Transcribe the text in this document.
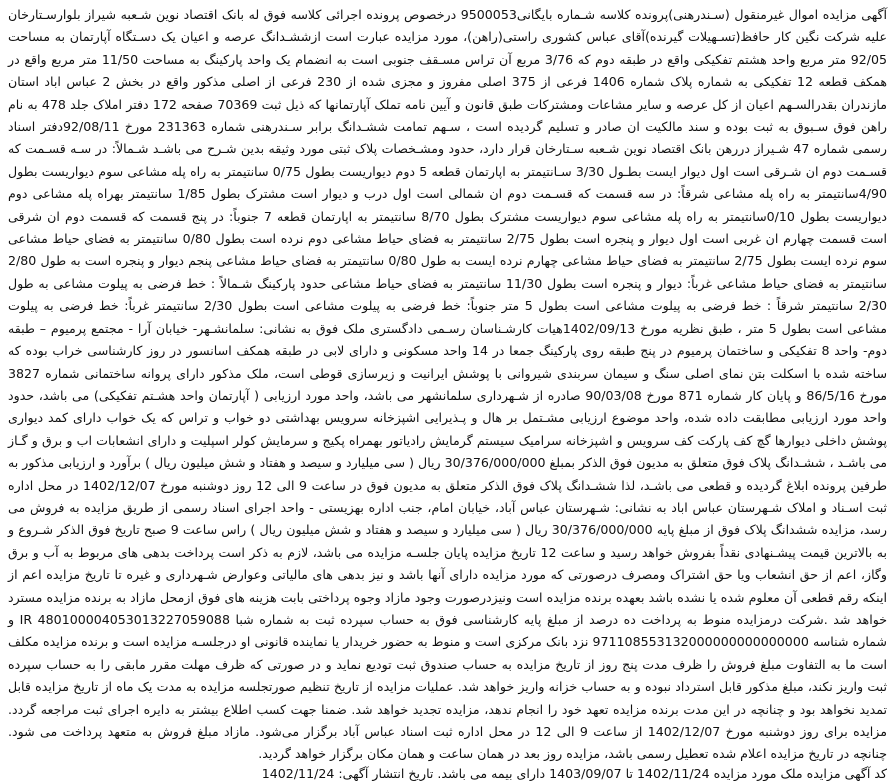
آگهی مزایده اموال غیرمنقول (سـندرهنی)پرونده کلاسه شـماره بایگانی9500053 درخصوص پرونده اجرائی کلاسه فوق له بانک اقتصاد نوین شـعبه شیراز بلوارسـتارخان علیه شرکت نگین کار حافظ(تسـهیلات گیرنده)آقای عباس کشوری راستی(راهن)، مورد مزایده عبارت است ازششـدانگ عرصه و اعیان یک دسـتگاه آپارتمان به مساحت 92/05 متر مربع واحد هشتم تفکیکی واقع در طبقه دوم که 3/76 مربع آن تراس مسـقف جنوبی است به انضمام یک واحد پارکینگ به مساحت 11/50 متر مربع واقع در همکف قطعه 12 تفکیکی به شماره پلاک شماره 1406 فرعی از 375 اصلی مفروز و مجزی شده از 230 فرعی از اصلی مذکور واقع در بخش 2 عباس اباد استان مازندران بقدرالسـهم اعیان از کل عرصه و سایر مشاعات ومشترکات طبق قانون و آیین نامه تملک آپارتمانها که ذیل ثبت 70369 صفحه 172 دفتر املاک جلد 478 به نام راهن فوق سـبوق به ثبت بوده و سند مالکیت ان صادر و تسلیم گردیده است ، سـهم تمامت ششـدانگ برابر سـندرهنی شماره 231363 مورخ 92/08/11دفتر اسناد رسمی شماره 47 شـیراز دررهن بانک اقتصاد نوین شـعبه سـتارخان قرار دارد، حدود ومشـخصات پلاک ثبتی مورد وثیقه بدین شـرح می باشـد شـمالاً: در سـه قسـمت که قسـمت دوم ان شـرقی است اول دیوار ایست بطـول 3/30 سـانتیمتر به اپارتمان قطعه 5 دوم دیواریست بطول 0/75 سانتیمتر به راه پله مشاعی سوم دیواریست بطول 4/90سانتیمتر به راه پله مشاعی شرقاً: در سه قسمت که قسـمت دوم ان شمالی است اول درب و دیوار است مشترک بطول 1/85 سانتیمتر بهراه پله مشاعی دوم دیواریست بطول 0/10سانتیمتر به راه پله مشاعی سوم دیواریست مشترک بطول 8/70 سانتیمتر به اپارتمان قطعه 7 جنوباً: در پنج قسمت که قسمت دوم ان شرقی است قسمت چهارم ان غربی است اول دیوار و پنجره است بطول 2/75 سانتیمتر به فضای حیاط مشاعی دوم نرده است بطول 0/80 سانتیمتر به فضای حیاط مشاعی سوم نرده ایست بطول 2/75 سانتیمتر به فضای حیاط مشاعی چهارم نرده ایست به طول 0/80 سانتیمتر به فضای حیاط مشاعی پنجم دیوار و پنجره است به طول 2/80 سانتیمتر به فضای حیاط مشاعی غرباً: دیوار و پنجره است بطول 11/30 سانتیمتر به فضای حیاط مشاعی حدود پارکینگ شـمالاً : خط فرضی به پیلوت مشاعی به طول 2/30 سانتیمتر شرقاً : خط فرضی به پیلوت مشاعی است بطول 5 متر جنوباً: خط فرضی به پیلوت مشاعی است بطول 2/30 سانتیمتر غرباً: خط فرضی به پیلوت مشاعی است بطول 5 متر ، طبق نظریه مورخ 1402/09/13هیات کارشـناسان رسـمی دادگستری ملک فوق به نشانی: سلمانشـهر- خیابان آرا - مجتمع پرمیوم – طبقه دوم- واحد 8 تفکیکی و ساختمان پرمیوم در پنج طبقه روی پارکینگ جمعا در 14 واحد مسکونی و دارای لابی در طبقه همکف اسانسور در روز کارشناسی خراب بوده که ساخته شده با اسکلت بتن نمای اصلی سنگ و سیمان سربندی شیروانی با پوشش ایرانیت و زیرسازی قوطی است، ملک مذکور دارای پروانه ساختمانی شماره 3827 مورخ 86/5/16 و پایان کار شماره 871 مورخ 90/03/08 صادره از شـهرداری سلمانشهر می باشد، واحد مورد ارزیابی ( آپارتمان واحد هشـتم تفکیکی) می باشد، حدود واحد مورد ارزیابی مطابقت داده شده، واحد موضوع ارزیابی مشـتمل بر هال و پـذیرایی اشپزخانه سرویس بهداشتی دو خواب و تراس که یک خواب دارای کمد دیواری پوشش داخلی دیوارها گچ کف پارکت کف سرویس و اشپزخانه سرامیک سیستم گرمایش رادیاتور بهمراه پکیج و سرمایش کولر اسپلیت و دارای انشعابات اب و برق و گـاز می باشـد ، ششـدانگ پلاک فوق متعلق به مدیون فوق الذکر بمبلغ 30/376/000/000 ریال ( سی میلیارد و سیصد و هفتاد و شش میلیون ریال ) برآورد و ارزیابی مذکور به طرفین پرونده ابلاغ گردیده و قطعی می باشـد، لذا ششـدانگ پلاک فوق الذکر متعلق به مدیون فوق در ساعت 9 الی 12 روز دوشنبه مورخ 1402/12/07 در محل اداره ثبت اسـناد و املاک شـهرستان عباس اباد به نشانی: شـهرستان عباس آباد، خیابان امام، جنب اداره بهزیستی - واحد اجرای اسناد رسمی از طریق مزایده به فروش می رسد، مزایده ششدانگ پلاک فوق از مبلغ پایه 30/376/000/000 ریال ( سی میلیارد و سیصد و هفتاد و شش میلیون ریال ) راس ساعت 9 صبح تاریخ فوق الذکر شـروع و به بالاترین قیمت پیشـنهادی نقداً بفروش خواهد رسید و ساعت 12 تاریخ مزایده پایان جلسـه مزایده می باشد، لازم به ذکر است پرداخت بدهی های مربوط به آب و برق وگاز، اعم از حق انشعاب ویا حق اشتراک ومصرف درصورتی که مورد مزایده دارای آنها باشد و نیز بدهی های مالیاتی وعوارض شـهرداری و غیره تا تاریخ مزایده اعم از اینکه رقم قطعی آن معلوم شده یا نشده باشد بعهده برنده مزایده است ونیزدرصورت وجود مازاد وجوه پرداختی بابت هزینه های فوق ازمحل مازاد به برنده مزایده مسترد خواهد شد .شرکت درمزایده منوط به پرداخت ده درصد از مبلغ پایه کارشناسی فوق به حساب سپرده ثبت به شماره شبا IR 480100004053013227059088 و شماره شناسه 971108553132000000000000000 نزد بانک مرکزی است و منوط به حضور خریدار یا نماینده قانونی او درجلسـه مزایده است و برنده مزایده مکلف است ما به التفاوت مبلغ فروش را ظرف مدت پنج روز از تاریخ مزایده به حساب صندوق ثبت تودیع نماید و در صورتی که ظرف مهلت مقرر مابقی را به حساب سپرده ثبت واریز نکند، مبلغ مذکور قابل استرداد نبوده و به حساب خزانه واریز خواهد شد. عملیات مزایده از تاریخ تنظیم صورتجلسه مزایده به مدت یک ماه از تاریخ مزایده قابل تمدید نخواهد بود و چنانچه در این مدت برنده مزایده تعهد خود را انجام ندهد، مزایده تجدید خواهد شد. ضمنا جهت کسب اطلاع بیشتر به دایره اجرای ثبت مراجعه گردد. مزایده برای روز دوشنبه مورخ 1402/12/07 از ساعت 9 الی 12 در محل اداره ثبت اسناد عباس آباد برگزار می‌شود. مازاد مبلغ فروش به متعهد پرداخت می شود. چنانچه در تاریخ مزایده اعلام شده تعطیل رسمی باشد، مزایده روز بعد در همان ساعت و همان مکان برگزار خواهد گردید.

کد آگهی مزایده ملک مورد مزایده 1402/11/24 تا 1403/09/07 دارای بیمه می باشد. تاریخ انتشار آگهی: 1402/11/24
